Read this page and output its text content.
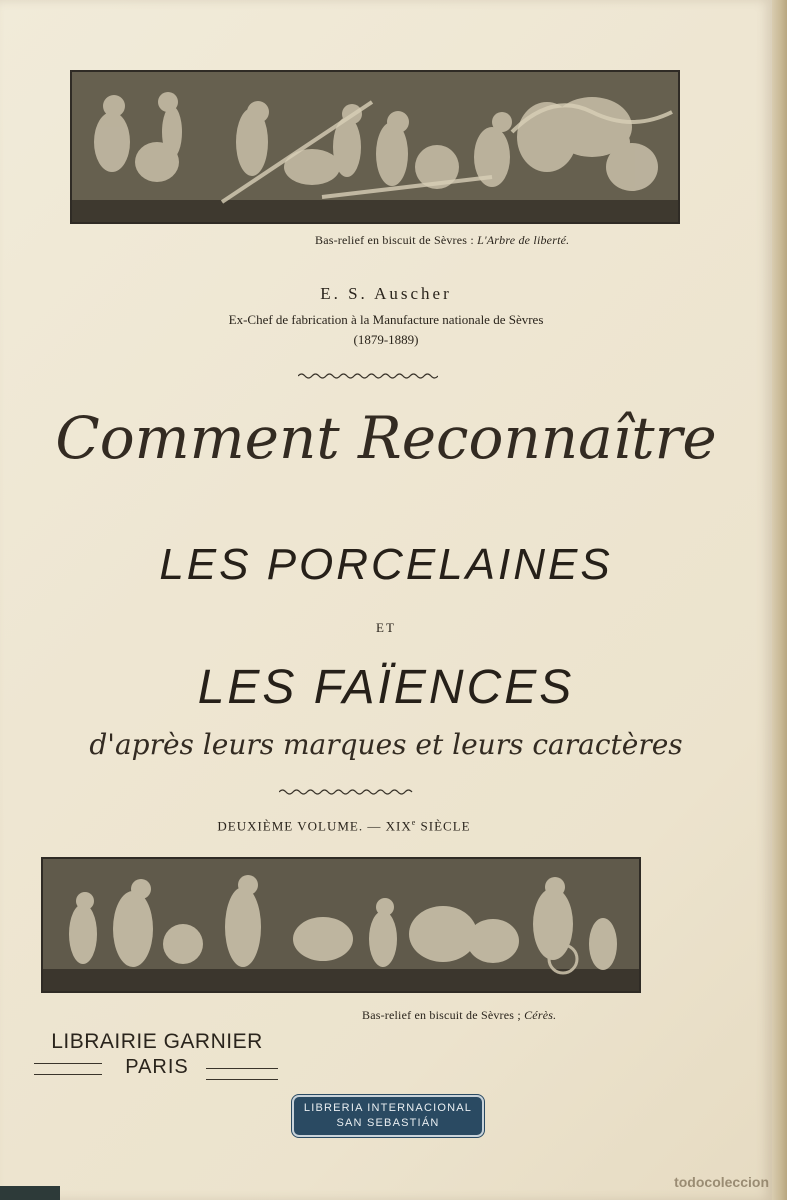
Bas-relief en biscuit de Sèvres : L'Arbre de liberté.
E. S. Auscher
Ex-Chef de fabrication à la Manufacture nationale de Sèvres
(1879-1889)
Comment Reconnaître
LES PORCELAINES
ET
LES FAÏENCES
d'après leurs marques et leurs caractères
DEUXIÈME VOLUME. — XIXe SIÈCLE
Bas-relief en biscuit de Sèvres ; Cérès.
LIBRAIRIE GARNIER
PARIS
LIBRERIA INTERNACIONAL
SAN SEBASTIÁN
todocoleccion
